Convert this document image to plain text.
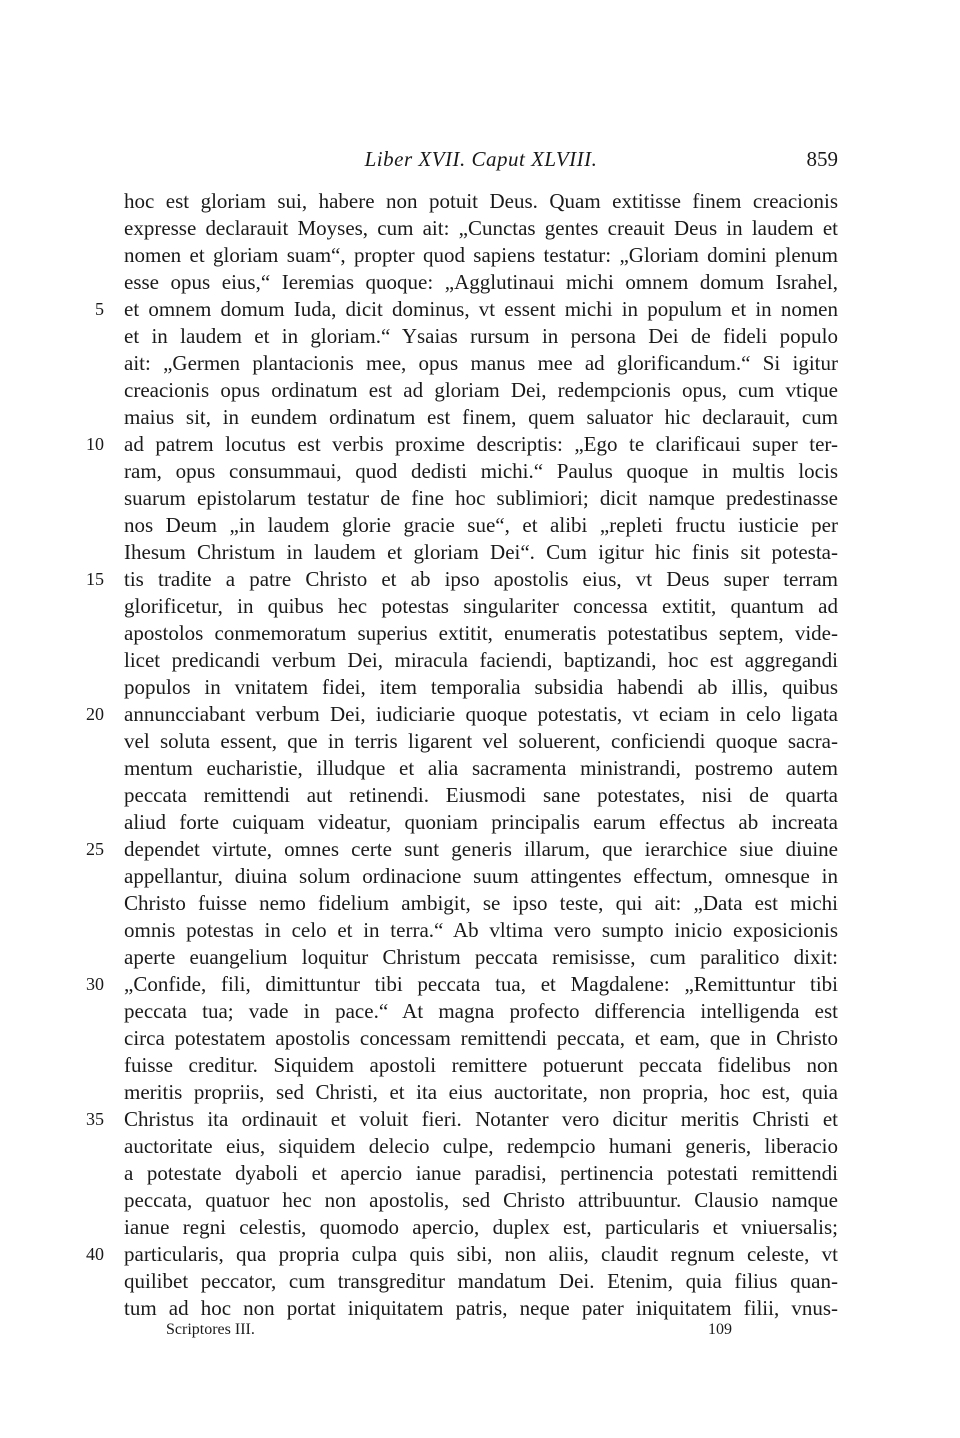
Liber XVII. Caput XLVIII.	859
hoc est gloriam sui, habere non potuit Deus. Quam extitisse finem creacionis
expresse declarauit Moyses, cum ait: „Cunctas gentes creauit Deus in laudem et
nomen et gloriam suam“, propter quod sapiens testatur: „Gloriam domini plenum
esse opus eius,“ Ieremias quoque: „Agglutinaui michi omnem domum Israhel,
5 et omnem domum Iuda, dicit dominus, vt essent michi in populum et in nomen
et in laudem et in gloriam.“ Ysaias rursum in persona Dei de fideli populo
ait: „Germen plantacionis mee, opus manus mee ad glorificandum.“ Si igitur
creacionis opus ordinatum est ad gloriam Dei, redempcionis opus, cum vtique
maius sit, in eundem ordinatum est finem, quem saluator hic declarauit, cum
10 ad patrem locutus est verbis proxime descriptis: „Ego te clarificaui super ter-
ram, opus consummaui, quod dedisti michi.“ Paulus quoque in multis locis
suarum epistolarum testatur de fine hoc sublimiori; dicit namque predestinasse
nos Deum „in laudem glorie gracie sue“, et alibi „repleti fructu iusticie per
Ihesum Christum in laudem et gloriam Dei“. Cum igitur hic finis sit potesta-
15 tis tradite a patre Christo et ab ipso apostolis eius, vt Deus super terram
glorificetur, in quibus hec potestas singulariter concessa extitit, quantum ad
apostolos conmemoratum superius extitit, enumeratis potestatibus septem, vide-
licet predicandi verbum Dei, miracula faciendi, baptizandi, hoc est aggregandi
populos in vnitatem fidei, item temporalia subsidia habendi ab illis, quibus
20 annuncciabant verbum Dei, iudiciarie quoque potestatis, vt eciam in celo ligata
vel soluta essent, que in terris ligarent vel soluerent, conficiendi quoque sacra-
mentum eucharistie, illudque et alia sacramenta ministrandi, postremo autem
peccata remittendi aut retinendi. Eiusmodi sane potestates, nisi de quarta
aliud forte cuiquam videatur, quoniam principalis earum effectus ab increata
25 dependet virtute, omnes certe sunt generis illarum, que ierarchice siue diuine
appellantur, diuina solum ordinacione suum attingentes effectum, omnesque in
Christo fuisse nemo fidelium ambigit, se ipso teste, qui ait: „Data est michi
omnis potestas in celo et in terra.“ Ab vltima vero sumpto inicio exposicionis
aperte euangelium loquitur Christum peccata remisisse, cum paralitico dixit:
30 „Confide, fili, dimittuntur tibi peccata tua, et Magdalene: „Remittuntur tibi
peccata tua; vade in pace.“ At magna profecto differencia intelligenda est
circa potestatem apostolis concessam remittendi peccata, et eam, que in Christo
fuisse creditur. Siquidem apostoli remittere potuerunt peccata fidelibus non
meritis propriis, sed Christi, et ita eius auctoritate, non propria, hoc est, quia
35 Christus ita ordinauit et voluit fieri. Notanter vero dicitur meritis Christi et
auctoritate eius, siquidem delecio culpe, redempcio humani generis, liberacio
a potestate dyaboli et apercio ianue paradisi, pertinencia potestati remittendi
peccata, quatuor hec non apostolis, sed Christo attribuuntur. Clausio namque
ianue regni celestis, quomodo apercio, duplex est, particularis et vniuersalis;
40 particularis, qua propria culpa quis sibi, non aliis, claudit regnum celeste, vt
quilibet peccator, cum transgreditur mandatum Dei. Etenim, quia filius quan-
tum ad hoc non portat iniquitatem patris, neque pater iniquitatem filii, vnus-
Scriptores III.	109
